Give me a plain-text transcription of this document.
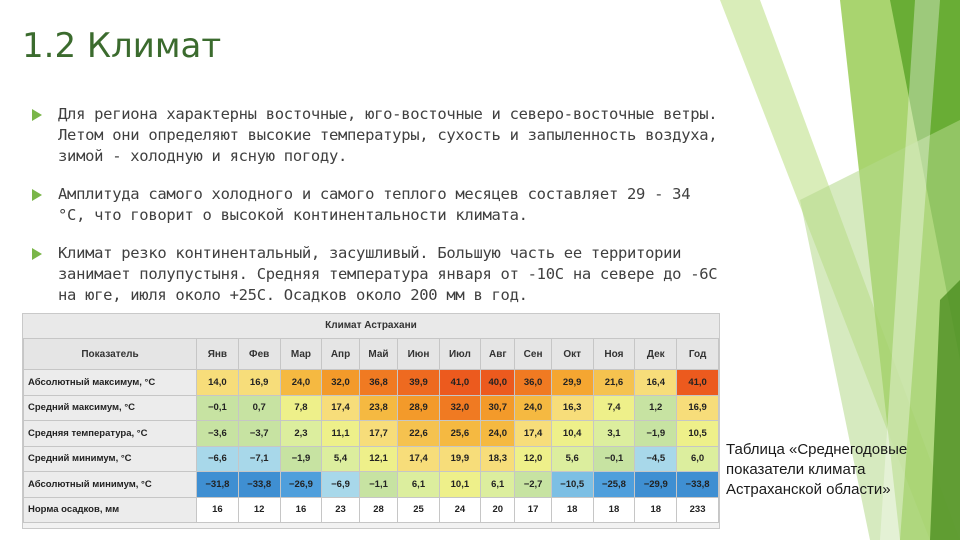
1.2 Климат
Для региона характерны восточные, юго-восточные и северо-восточные ветры. Летом они определяют высокие температуры, сухость и запыленность воздуха, зимой - холодную и ясную погоду.
Амплитуда самого холодного и самого теплого месяцев составляет 29 - 34 °С, что говорит о высокой континентальности климата.
Климат резко континентальный, засушливый. Большую часть ее территории занимает полупустыня. Средняя температура января от -10С на севере до -6С на юге, июля около +25С. Осадков около 200 мм в год.
Климат Астрахани
Показатель	Янв	Фев	Мар	Апр	Май	Июн	Июл	Авг	Сен	Окт	Ноя	Дек	Год
Абсолютный максимум, °C	14,0	16,9	24,0	32,0	36,8	39,9	41,0	40,0	36,0	29,9	21,6	16,4	41,0
Средний максимум, °C	−0,1	0,7	7,8	17,4	23,8	28,9	32,0	30,7	24,0	16,3	7,4	1,2	16,9
Средняя температура, °C	−3,6	−3,7	2,3	11,1	17,7	22,6	25,6	24,0	17,4	10,4	3,1	−1,9	10,5
Средний минимум, °C	−6,6	−7,1	−1,9	5,4	12,1	17,4	19,9	18,3	12,0	5,6	−0,1	−4,5	6,0
Абсолютный минимум, °C	−31,8	−33,8	−26,9	−6,9	−1,1	6,1	10,1	6,1	−2,7	−10,5	−25,8	−29,9	−33,8
Норма осадков, мм	16	12	16	23	28	25	24	20	17	18	18	18	233
Таблица «Среднегодовые показатели климата Астраханской области»
